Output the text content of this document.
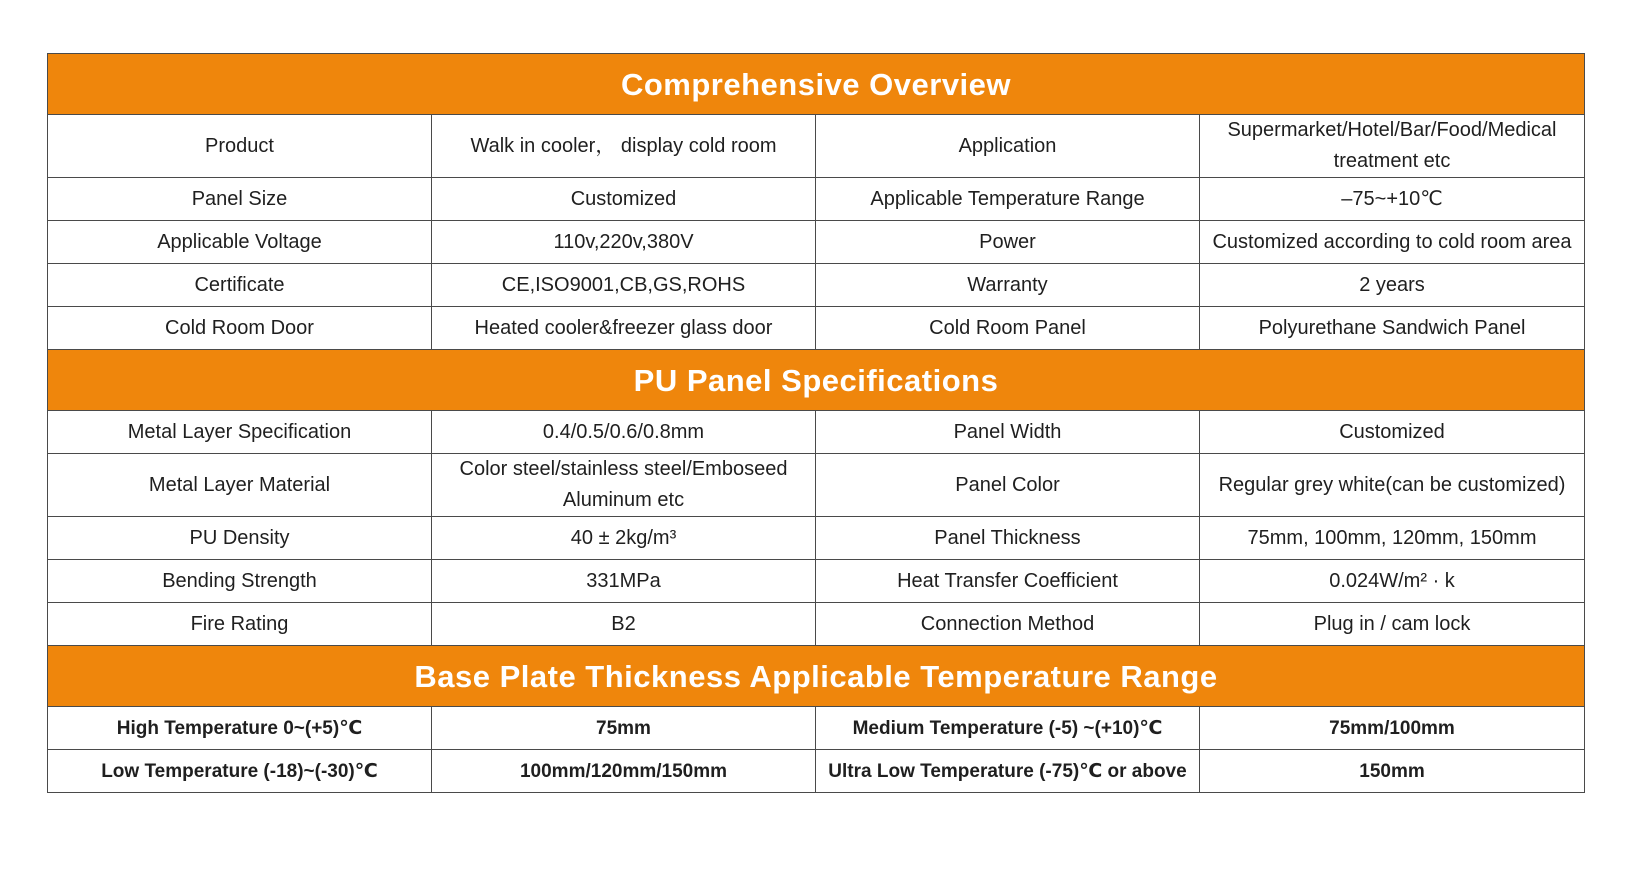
Comprehensive Overview			
Product	Walk in cooler， display cold room	Application	Supermarket/Hotel/Bar/Food/Medical treatment etc
Panel Size	Customized	Applicable Temperature Range	–75~+10℃
Applicable Voltage	110v,220v,380V	Power	Customized according to cold room area
Certificate	CE,ISO9001,CB,GS,ROHS	Warranty	2 years
Cold Room Door	Heated cooler&freezer glass door	Cold Room Panel	Polyurethane Sandwich Panel
PU Panel Specifications			
Metal Layer Specification	0.4/0.5/0.6/0.8mm	Panel Width	Customized
Metal Layer Material	Color steel/stainless steel/Emboseed Aluminum etc	Panel Color	Regular grey white(can be customized)
PU Density	40 ± 2kg/m³	Panel Thickness	75mm, 100mm, 120mm, 150mm
Bending Strength	331MPa	Heat Transfer Coefficient	0.024W/m² · k
Fire Rating	B2	Connection Method	Plug in / cam lock
Base Plate Thickness Applicable Temperature Range			
High Temperature 0~(+5)℃	75mm	Medium Temperature (-5) ~(+10)℃	75mm/100mm
Low Temperature (-18)~(-30)℃	100mm/120mm/150mm	Ultra Low Temperature (-75)℃ or above	150mm
